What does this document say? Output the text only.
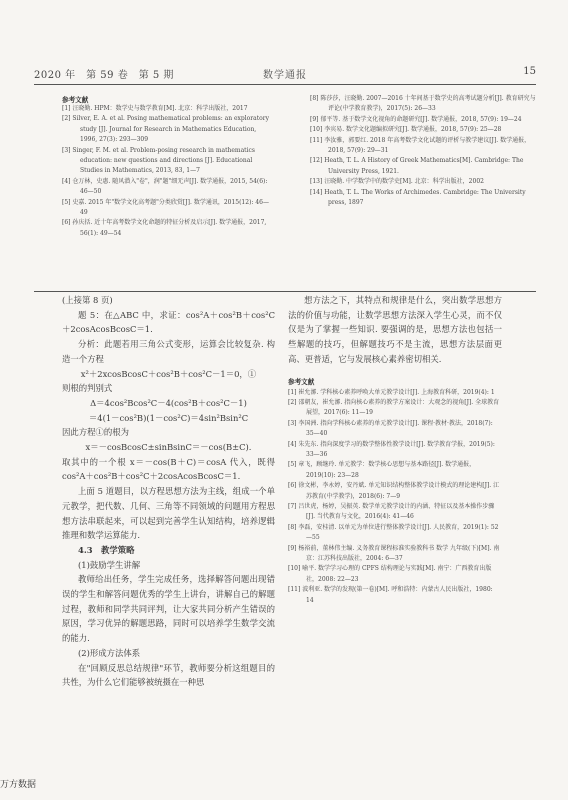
2020 年　第 59 卷　第 5 期	数学通报	15
参考文献
[1] 汪晓勤. HPM：数学史与数学教育[M]. 北京：科学出版社，2017
[2] Silver, E. A. et al. Posing mathematical problems: an exploratory study [J]. Journal for Research in Mathematics Education, 1996, 27(3): 293—309
[3] Singer, F. M. et al. Problem-posing research in mathematics education: new questions and directions [J]. Educational Studies in Mathematics, 2013, 83, 1—7
[4] 仓万林，史惠. 随风潜入"卷"，润"题"细无声[J]. 数学通报，2015, 54(6): 46—50
[5] 史嘉. 2015 年"数学文化高考题"分类欣赏[J]. 数学通讯，2015(12): 46—49
[6] 孙庆括. 近十年高考数学文化命题的特征分析及启示[J]. 数学通报，2017, 56(1): 49—54
[8] 陈莎莎，汪晓勤. 2007—2016 十年间基于数学史的高考试题分析[J]. 教育研究与评论(中学教育教学)，2017(5): 26—33
[9] 郁平等. 基于数学文化视角的命题研究[J]. 数学通报，2018, 57(9): 19—24
[10] 李宾易. 数学文化题编拟研究[J]. 数学通报，2018, 57(9): 25—28
[11] 李汝雅，郭要红. 2018 年高考数学文化试题的评析与教学建议[J]. 数学通报，2018, 57(9): 29—31
[12] Heath, T. L. A History of Greek Mathematics[M]. Cambridge: The University Press, 1921.
[13] 汪晓勤. 中学数学中的数学史[M]. 北京：科学出版社，2002
[14] Heath, T. L. The Works of Archimedes. Cambridge: The University press, 1897

(上接第 8 页)

题 5：在△ABC 中，求证：cos²A＋cos²B＋cos²C＋2cosAcosBcosC＝1.

分析：此题若用三角公式变形，运算会比较复杂. 构造一个方程

x²＋2xcosBcosC＋cos²B＋cos²C－1＝0，①

则根的判别式

Δ＝4cos²Bcos²C－4(cos²B＋cos²C－1)

＝4(1－cos²B)(1－cos²C)＝4sin²Bsin²C

因此方程①的根为

x＝－cosBcosC±sinBsinC＝－cos(B±C).

取其中的一个根 x＝－cos(B＋C)＝cosA 代入，既得cos²A＋cos²B＋cos²C＋2cosAcosBcosC＝1.

上面 5 道题目，以方程思想方法为主线，组成一个单元教学，把代数、几何、三角等不同领域的问题用方程思想方法串联起来，可以起到完善学生认知结构，培养逻辑推理和数学运算能力.

4.3　教学策略

(1)鼓励学生讲解

教师给出任务，学生完成任务，选择解答问题出现错误的学生和解答问题优秀的学生上讲台，讲解自己的解题过程，教师和同学共同评判，让大家共同分析产生错误的原因，学习优异的解题思路，同时可以培养学生数学交流的能力.

(2)形成方法体系

在"回顾反思总结规律"环节，教师要分析这组题目的共性，为什么它们能够被统摄在一种思

想方法之下，其特点和规律是什么，突出数学思想方法的价值与功能，让数学思想方法深入学生心灵，而不仅仅是为了掌握一些知识. 要强调的是，思想方法也包括一些解题的技巧，但解题技巧不是主流，思想方法层面更高、更普适，它与发展核心素养密切相关.

参考文献
[1] 崔允漷. 学科核心素养呼唤大单元教学设计[J]. 上海教育科研，2019(4): 1
[2] 邵朝友，崔允漷. 指向核心素养的教学方案设计：大观念的视角[J]. 全球教育展望，2017(6): 11—19
[3] 李国洲. 指向学科核心素养的单元教学设计[J]. 课程·教材·教法，2018(7): 35—40
[4] 朱先东. 指向深度学习的数学整体性教学设计[J]. 数学教育学报，2019(5): 33—36
[5] 章飞，顾继玲. 单元教学：数学核心思想与基本路径[J]. 数学通报，2019(10): 23—28
[6] 徐文彬，李永婷，安丹斌. 单元知识结构整体教学设计模式的理论建构[J]. 江苏教育(中学教学)，2018(6): 7—9
[7] 吕世虎，杨婷，吴振英. 数学单元教学设计的内涵、特征以及基本操作步骤[J]. 当代教育与文化，2016(4): 41—46
[8] 李磊，安桂清. 以单元为单位进行整体教学设计[J]. 人民教育，2019(1): 52—55
[9] 杨裕前，董林伟主编. 义务教育课程标准实验教科书 数学 九年级(下)[M]. 南京：江苏科技出版社，2004: 6—37
[10] 喻平. 数学学习心理的 CPFS 结构理论与实践[M]. 南宁：广西教育出版社，2008: 22—23
[11] 波利亚. 数学的发现(第一卷)[M]. 呼和浩特：内蒙古人民出版社，1980: 14
万方数据
